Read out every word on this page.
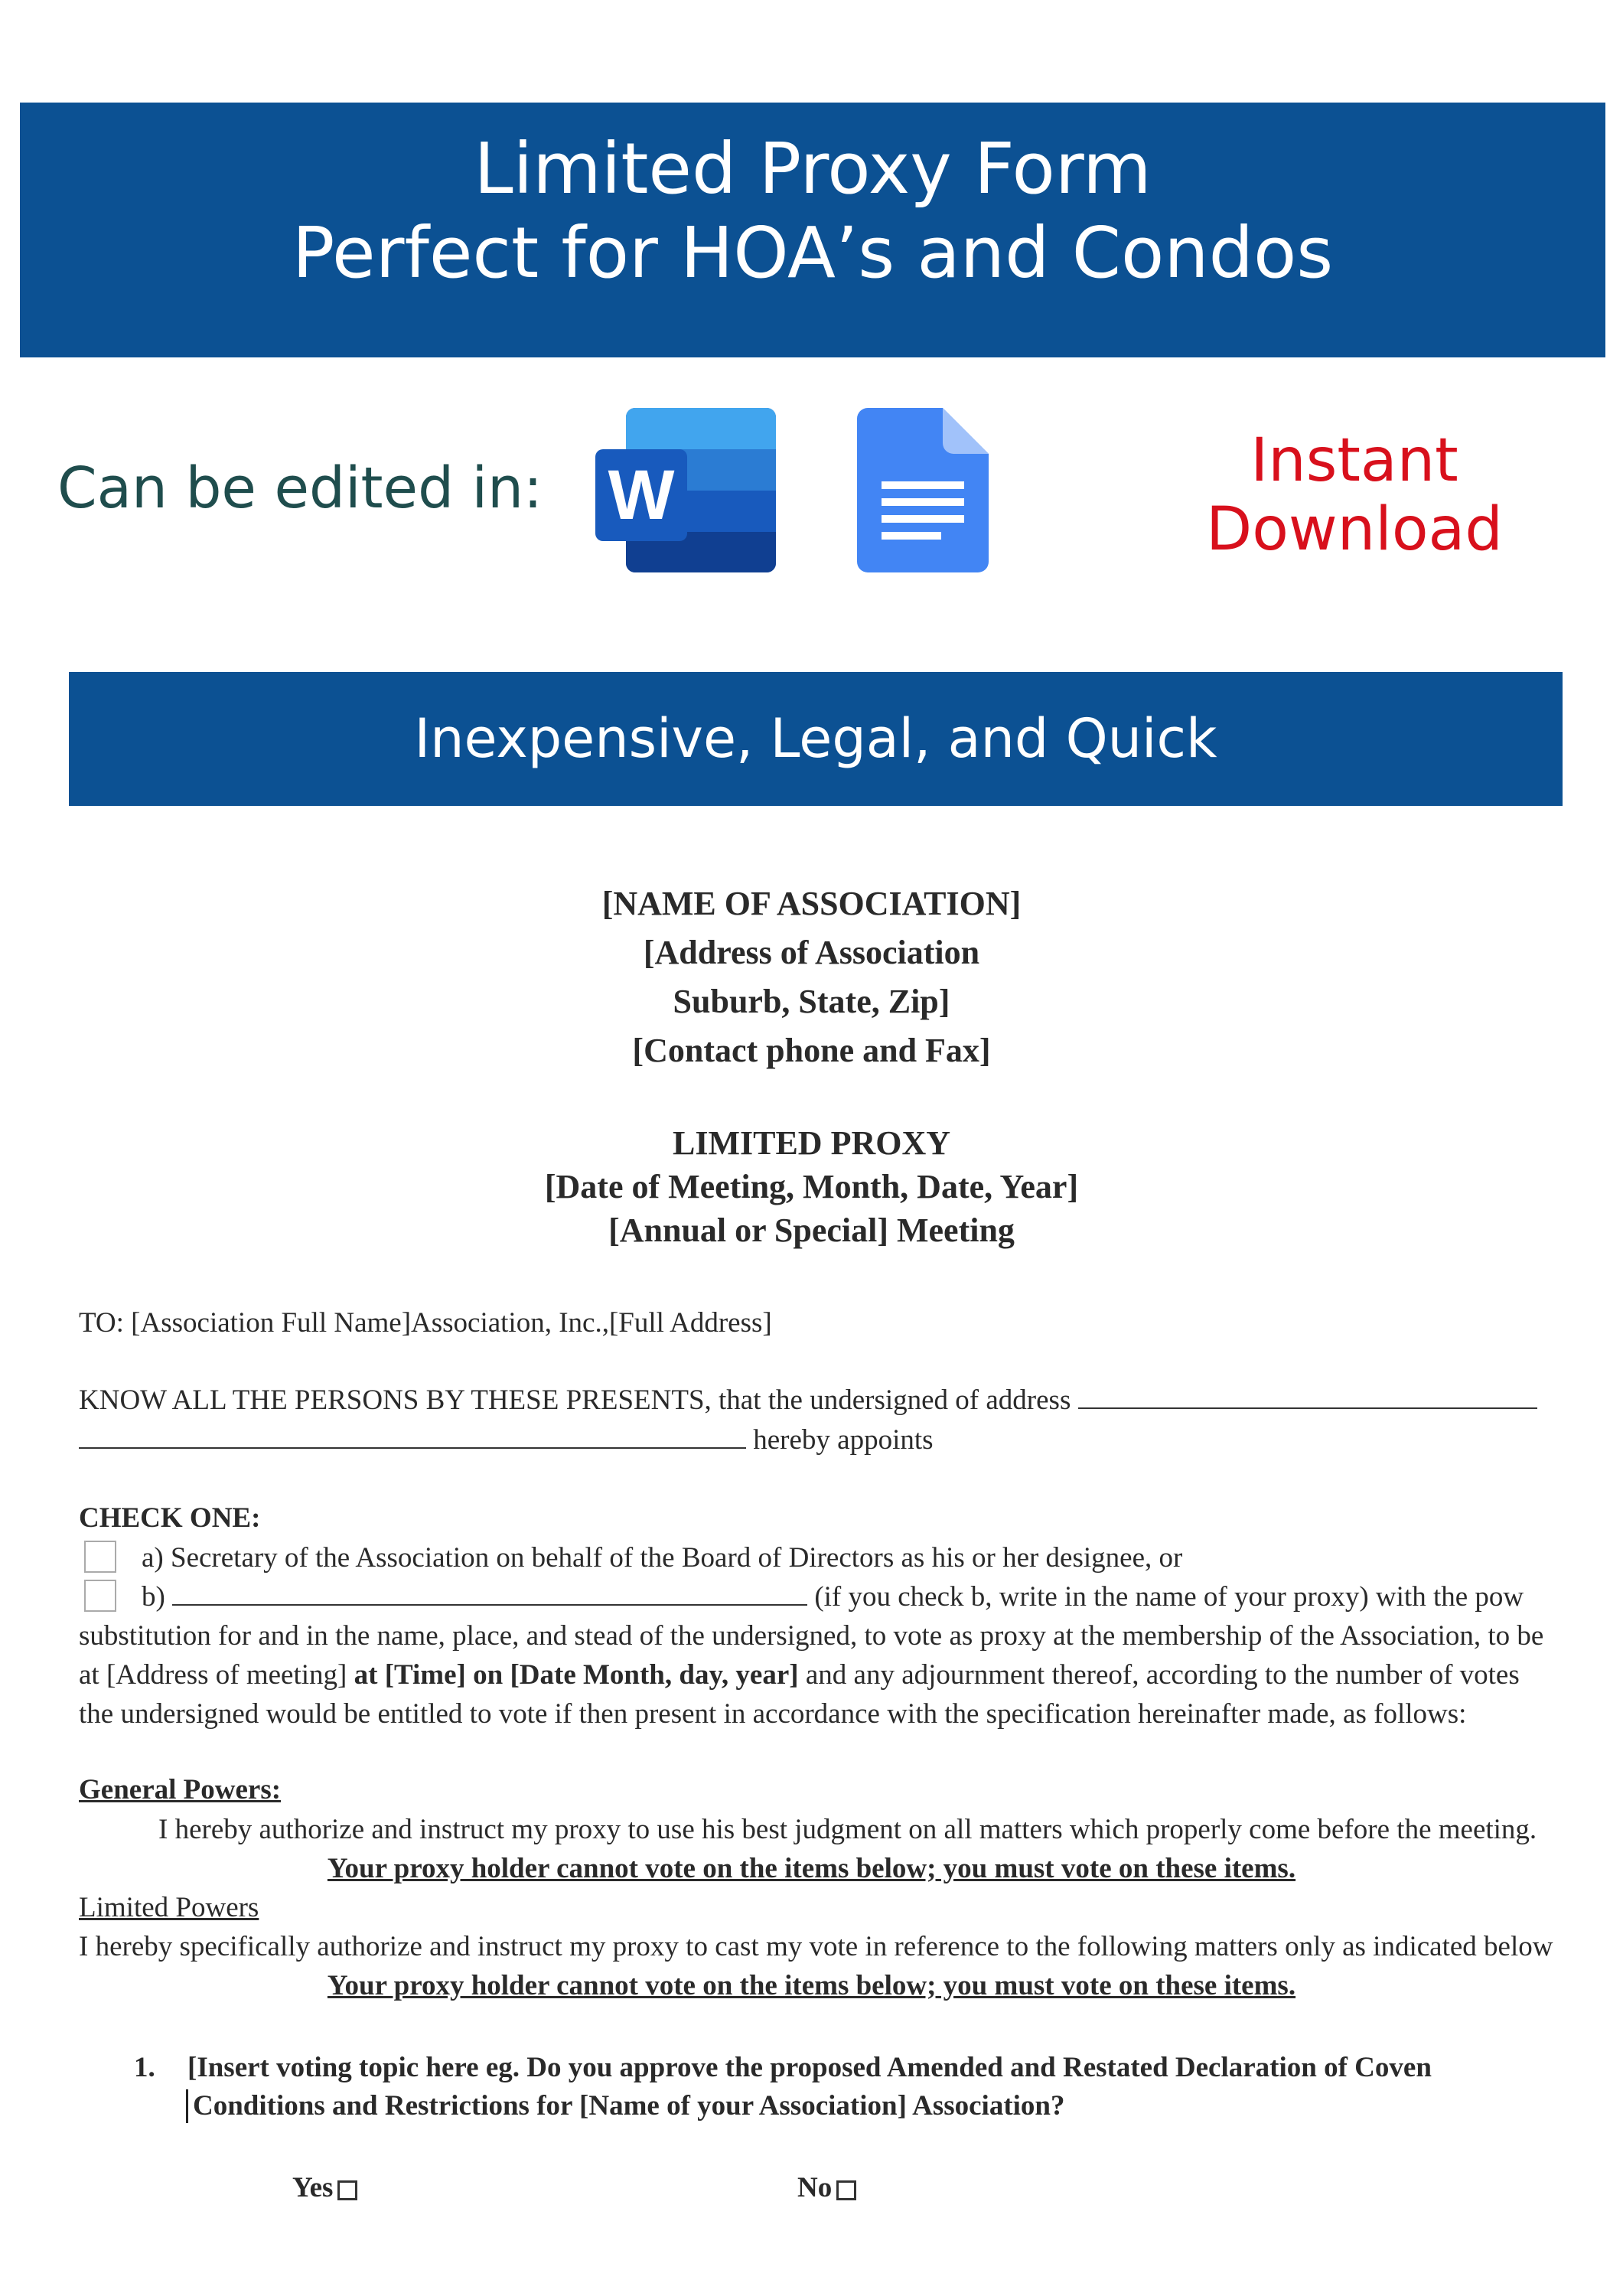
Limited Proxy Form
Perfect for HOA’s and Condos
Can be edited in: W	Instant
Download
Inexpensive, Legal, and Quick
[NAME OF ASSOCIATION]
[Address of Association
Suburb, State, Zip]
[Contact phone and Fax]
LIMITED PROXY
[Date of Meeting, Month, Date, Year]
[Annual or Special] Meeting
TO: [Association Full Name]Association, Inc.,[Full Address]
KNOW ALL THE PERSONS BY THESE PRESENTS, that the undersigned of address
hereby appoints
CHECK ONE:
a) Secretary of the Association on behalf of the Board of Directors as his or her designee, or
b)	(if you check b, write in the name of your proxy) with the pow
substitution for and in the name, place, and stead of the undersigned, to vote as proxy at the membership of the Association, to be
at [Address of meeting] at [Time] on [Date Month, day, year] and any adjournment thereof, according to the number of votes
the undersigned would be entitled to vote if then present in accordance with the specification hereinafter made, as follows:
General Powers:
I hereby authorize and instruct my proxy to use his best judgment on all matters which properly come before the meeting.
Your proxy holder cannot vote on the items below; you must vote on these items.
Limited Powers
I hereby specifically authorize and instruct my proxy to cast my vote in reference to the following matters only as indicated below
Your proxy holder cannot vote on the items below; you must vote on these items.
1. [Insert voting topic here eg. Do you approve the proposed Amended and Restated Declaration of Coven
Conditions and Restrictions for [Name of your Association] Association?
Yes	No
